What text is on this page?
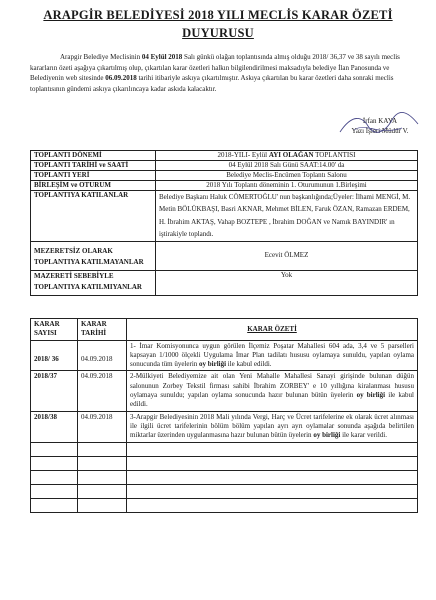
ARAPGİR BELEDİYESİ 2018 YILI MECLİS KARAR ÖZETİ
DUYURUSU

Arapgir Belediye Meclisinin 04 Eylül 2018 Salı günkü olağan toplantısında almış olduğu 2018/ 36,37 ve 38 sayılı meclis kararların özeti aşağıya çıkartılmış olup, çıkartılan karar özetleri halkın bilgilendirilmesi maksadıyla belediye İlan Panosunda ve Belediyenin web sitesinde 06.09.2018 tarihi itibariyle askıya çıkartılmıştır. Askıya çıkartılan bu karar özetleri daha sonraki meclis toplantısının gündemi askıya çıkarılıncaya kadar askıda kalacaktır.

İrfan KAYA
Yazı İşleri Müdür V.
TOPLANTI DÖNEMİ	2018-YILI- Eylül AYI OLAĞAN TOPLANTISI
TOPLANTI TARİHİ ve SAATİ	04 Eylül 2018 Salı Günü SAAT:14.00' da
TOPLANTI YERİ	Belediye Meclis-Encümen Toplantı Salonu
BİRLEŞİM ve OTURUM	2018 Yılı Toplantı döneminin 1. Oturumunun 1.Birleşimi
TOPLANTIYA KATILANLAR	Belediye Başkanı Haluk CÖMERTOĞLU' nun başkanlığında;Üyeler: İlhami MENGİ, M. Metin BÖLÜKBAŞI, Basri AKNAR, Mehmet BİLEN, Faruk ÖZAN, Ramazan ERDEM, H. İbrahim AKTAŞ, Vahap BOZTEPE , İbrahim DOĞAN ve Namık BAYINDIR' ın iştirakiyle toplandı.
MEZERETSİZ OLARAK TOPLANTIYA KATILMAYANLAR	Ecevit ÖLMEZ
MAZERETİ SEBEBİYLE TOPLANTIYA KATILMIYANLAR	Yok
KARAR SAYISI	KARAR TARİHİ	KARAR ÖZETİ
2018/ 36	04.09.2018	1- İmar Komisyonunca uygun görülen İlçemiz Poşatar Mahallesi 604 ada, 3,4 ve 5 parselleri kapsayan 1/1000 ölçekli Uygulama İmar Plan tadilatı hususu oylamaya sunuldu, yapılan oylama sonucunda tüm üyelerin oy birliği ile kabul edildi.
2018/37	04.09.2018	2-Mülkiyeti Belediyemize ait olan Yeni Mahalle Mahallesi Sanayi girişinde bulunan düğün salonunun Zorbey Tekstil firması sahibi İbrahim ZORBEY' e 10 yıllığına kiralanması hususu oylamaya sunuldu; yapılan oylama sonucunda hazır bulunan bütün üyelerin oy birliği ile kabul edildi.
2018/38	04.09.2018	3-Arapgir Belediyesinin 2018 Mali yılında Vergi, Harç ve Ücret tarifelerine ek olarak ücret alınması ile ilgili ücret tarifelerinin bölüm bölüm yapılan ayrı ayrı oylamalar sonunda aşağıda belirtilen miktarlar üzerinden uygulanmasına hazır bulunan bütün üyelerin oy birliği ile karar verildi.
